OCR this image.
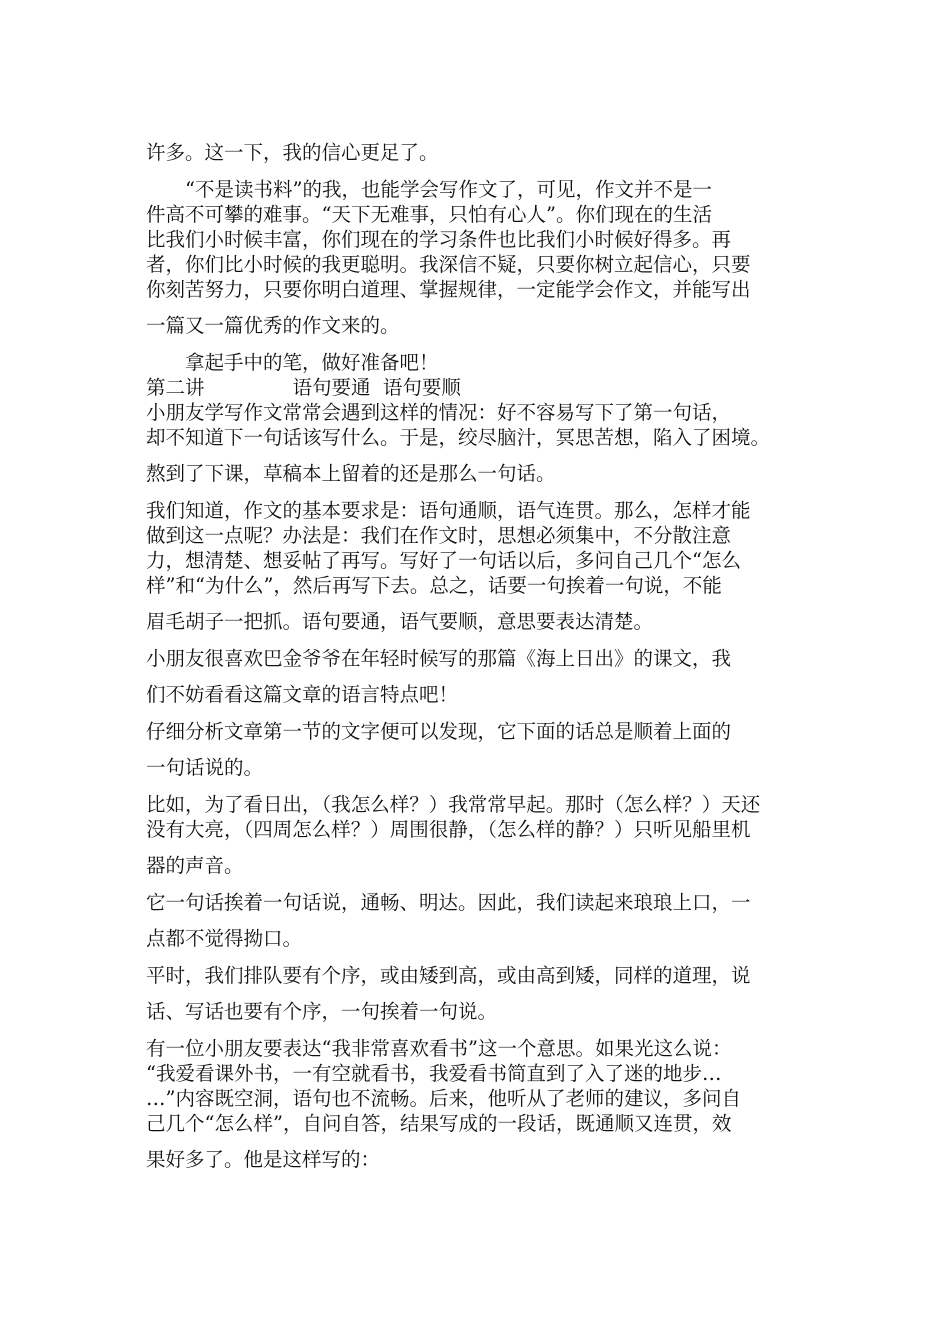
许多。这一下，我的信心更足了。
　　“不是读书料”的我，也能学会写作文了，可见，作文并不是一
件高不可攀的难事。“天下无难事，只怕有心人”。你们现在的生活
比我们小时候丰富，你们现在的学习条件也比我们小时候好得多。再
者，你们比小时候的我更聪明。我深信不疑，只要你树立起信心，只要
你刻苦努力，只要你明白道理、掌握规律，一定能学会作文，并能写出
一篇又一篇优秀的作文来的。
　　拿起手中的笔，做好准备吧！
第二讲	语句要通  语句要顺
小朋友学写作文常常会遇到这样的情况：好不容易写下了第一句话，
却不知道下一句话该写什么。于是，绞尽脑汁，冥思苦想，陷入了困境。
熬到了下课，草稿本上留着的还是那么一句话。
我们知道，作文的基本要求是：语句通顺，语气连贯。那么，怎样才能
做到这一点呢？办法是：我们在作文时，思想必须集中，不分散注意
力，想清楚、想妥帖了再写。写好了一句话以后，多问自己几个“怎么
样”和“为什么”，然后再写下去。总之，话要一句挨着一句说，不能
眉毛胡子一把抓。语句要通，语气要顺，意思要表达清楚。
小朋友很喜欢巴金爷爷在年轻时候写的那篇《海上日出》的课文，我
们不妨看看这篇文章的语言特点吧！
仔细分析文章第一节的文字便可以发现，它下面的话总是顺着上面的
一句话说的。
比如，为了看日出，（我怎么样？）我常常早起。那时（怎么样？）天还
没有大亮，（四周怎么样？）周围很静，（怎么样的静？）只听见船里机
器的声音。
它一句话挨着一句话说，通畅、明达。因此，我们读起来琅琅上口，一
点都不觉得拗口。
平时，我们排队要有个序，或由矮到高，或由高到矮，同样的道理，说
话、写话也要有个序，一句挨着一句说。
有一位小朋友要表达“我非常喜欢看书”这一个意思。如果光这么说：
“我爱看课外书，一有空就看书，我爱看书简直到了入了迷的地步…
…”内容既空洞，语句也不流畅。后来，他听从了老师的建议，多问自
己几个“怎么样”，自问自答，结果写成的一段话，既通顺又连贯，效
果好多了。他是这样写的：
